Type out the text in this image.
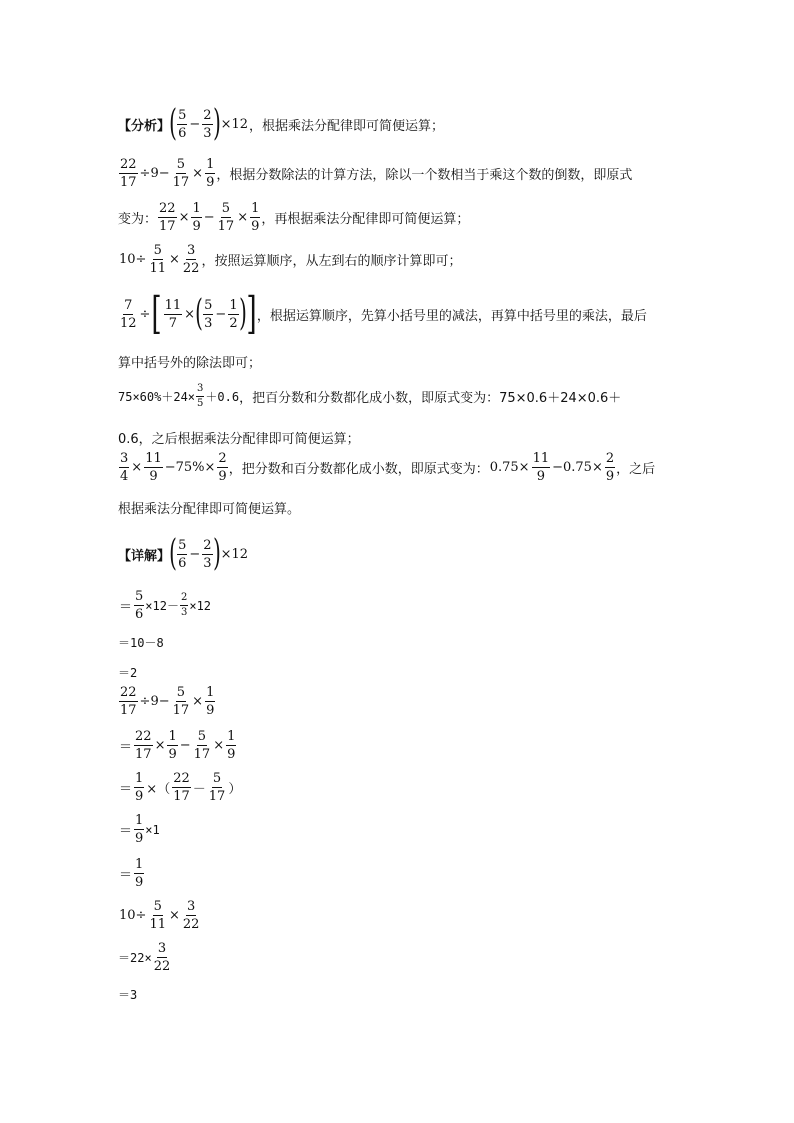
【分析】 ( $\frac{5}{6} - \frac{2}{3}$ ) ×12 ，根据乘法分配律即可简便运算；
$\frac{22}{17} \div 9- \frac{5}{17} \times \frac{1}{9}$ ，根据分数除法的计算方法，除以一个数相当于乘这个数的倒数，即原式
变为： $\frac{22}{17} \times \frac{1}{9} - \frac{5}{17} \times \frac{1}{9}$ ，再根据乘法分配律即可简便运算；
$10\div \frac{5}{11} \times \frac{3}{22}$ ，按照运算顺序，从左到右的顺序计算即可；
$\frac{7}{12}$ ÷ [ $\frac{11}{7}$ × ( $\frac{5}{3} - \frac{1}{2}$ ) ] ，根据运算顺序，先算小括号里的减法，再算中括号里的乘法，最后
算中括号外的除法即可；
$75\times 60\%+24\times \frac{3}{5} +0.6$ ，把百分数和分数都化成小数，即原式变为：75×0.6＋24×0.6＋
0.6，之后根据乘法分配律即可简便运算；
$\frac{3}{4} \times \frac{11}{9} -75\%\times \frac{2}{9}$ ，把分数和百分数都化成小数，即原式变为： $0.75\times \frac{11}{9} -0.75\times \frac{2}{9}$ ，之后
根据乘法分配律即可简便运算。
【详解】 ( $\frac{5}{6} - \frac{2}{3}$ ) ×12
＝ $\frac{5}{6} \times 12- \frac{2}{3} \times 12$
＝10－8
＝2
$\frac{22}{17} \div 9- \frac{5}{17} \times \frac{1}{9}$
＝ $\frac{22}{17} \times \frac{1}{9} - \frac{5}{17} \times \frac{1}{9}$
＝ $\frac{1}{9}$ ×（ $\frac{22}{17} - \frac{5}{17}$ ）
＝ $\frac{1}{9} \times 1$
＝ $\frac{1}{9}$
$10\div \frac{5}{11} \times \frac{3}{22}$
$=22\times \frac{3}{22}$
＝3
